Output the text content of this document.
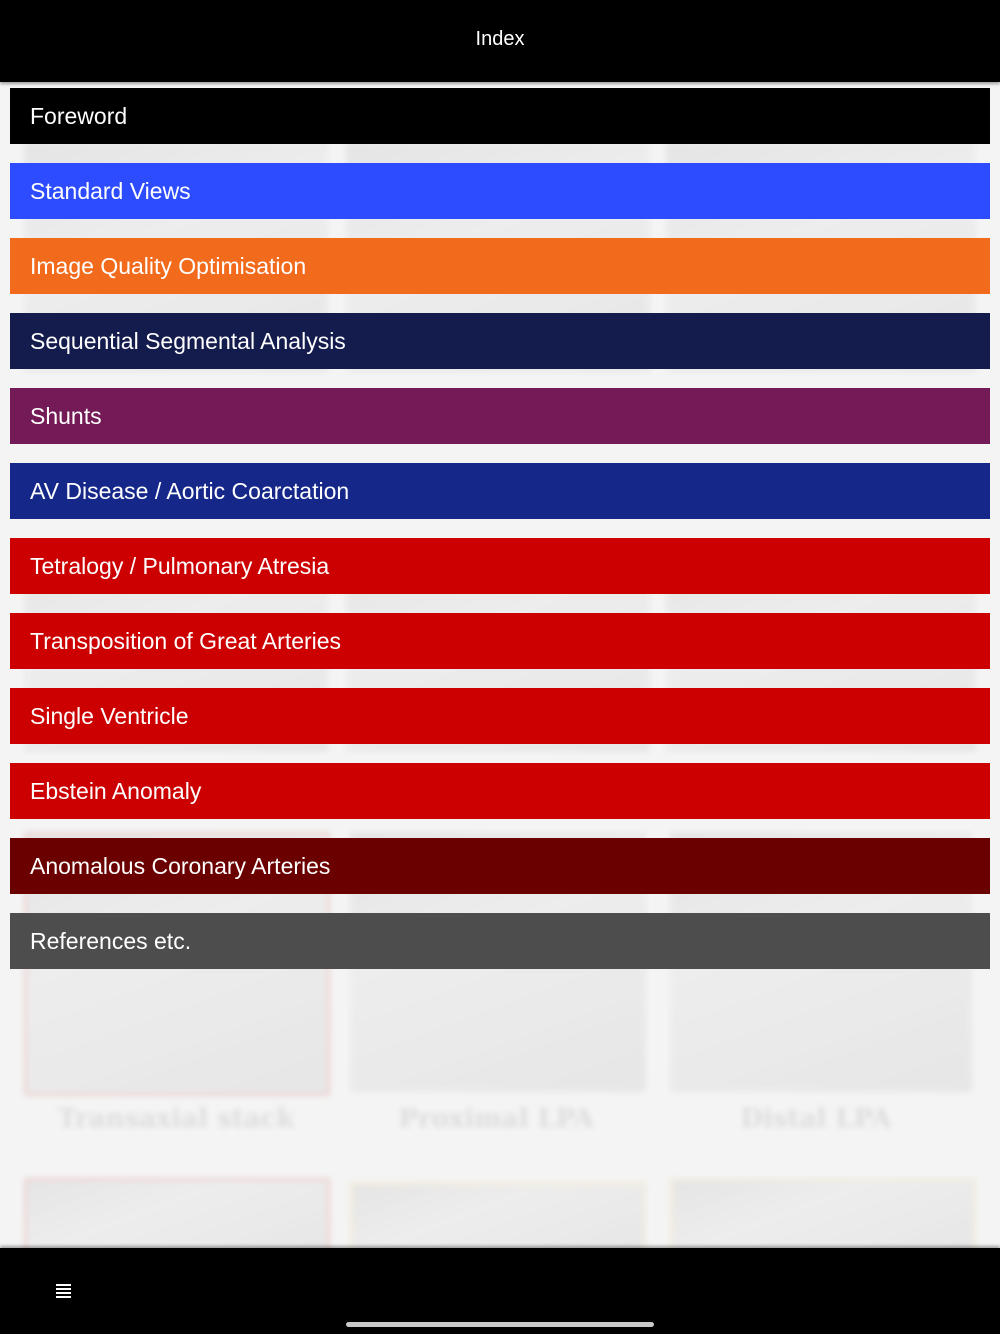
Transaxial stack	Proximal LPA	Distal LPA
Index
Foreword
Standard Views
Image Quality Optimisation
Sequential Segmental Analysis
Shunts
AV Disease / Aortic Coarctation
Tetralogy / Pulmonary Atresia
Transposition of Great Arteries
Single Ventricle
Ebstein Anomaly
Anomalous Coronary Arteries
References etc.
